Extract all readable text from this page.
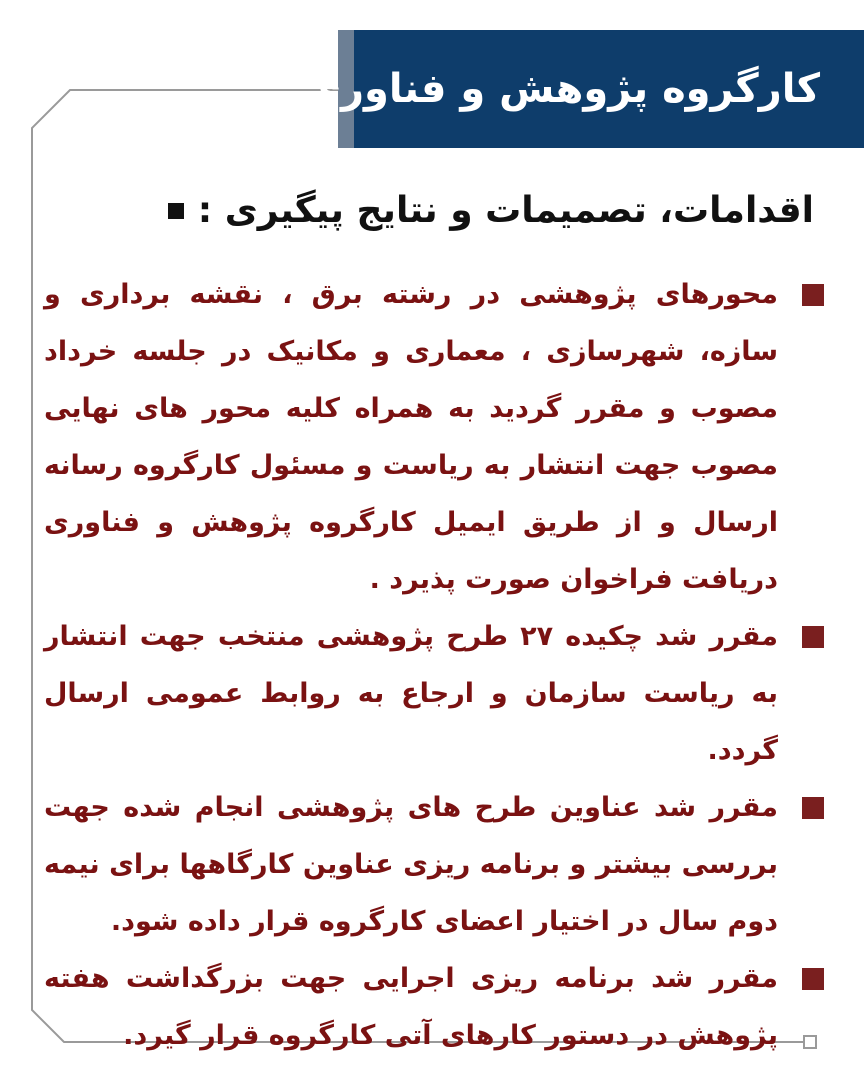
کارگروه پژوهش و فناوری
اقدامات، تصمیمات و نتایج پیگیری :
محورهای پژوهشی در رشته برق ، نقشه برداری و سازه، شهرسازی ، معماری و مکانیک در جلسه خرداد مصوب و مقرر گردید به همراه کلیه محور های نهایی مصوب جهت انتشار به ریاست و مسئول کارگروه رسانه ارسال و از طریق ایمیل کارگروه پژوهش و فناوری دریافت فراخوان صورت پذیرد .
مقرر شد چکیده ۲۷ طرح پژوهشی منتخب جهت انتشار به ریاست سازمان و ارجاع به روابط عمومی ارسال گردد.
مقرر شد عناوین طرح های پژوهشی انجام شده جهت بررسی بیشتر و برنامه ریزی عناوین کارگاهها برای نیمه دوم سال در اختیار اعضای کارگروه قرار داده شود.
مقرر شد برنامه ریزی اجرایی جهت بزرگداشت هفته پژوهش در دستور کارهای آتی کارگروه قرار گیرد.
